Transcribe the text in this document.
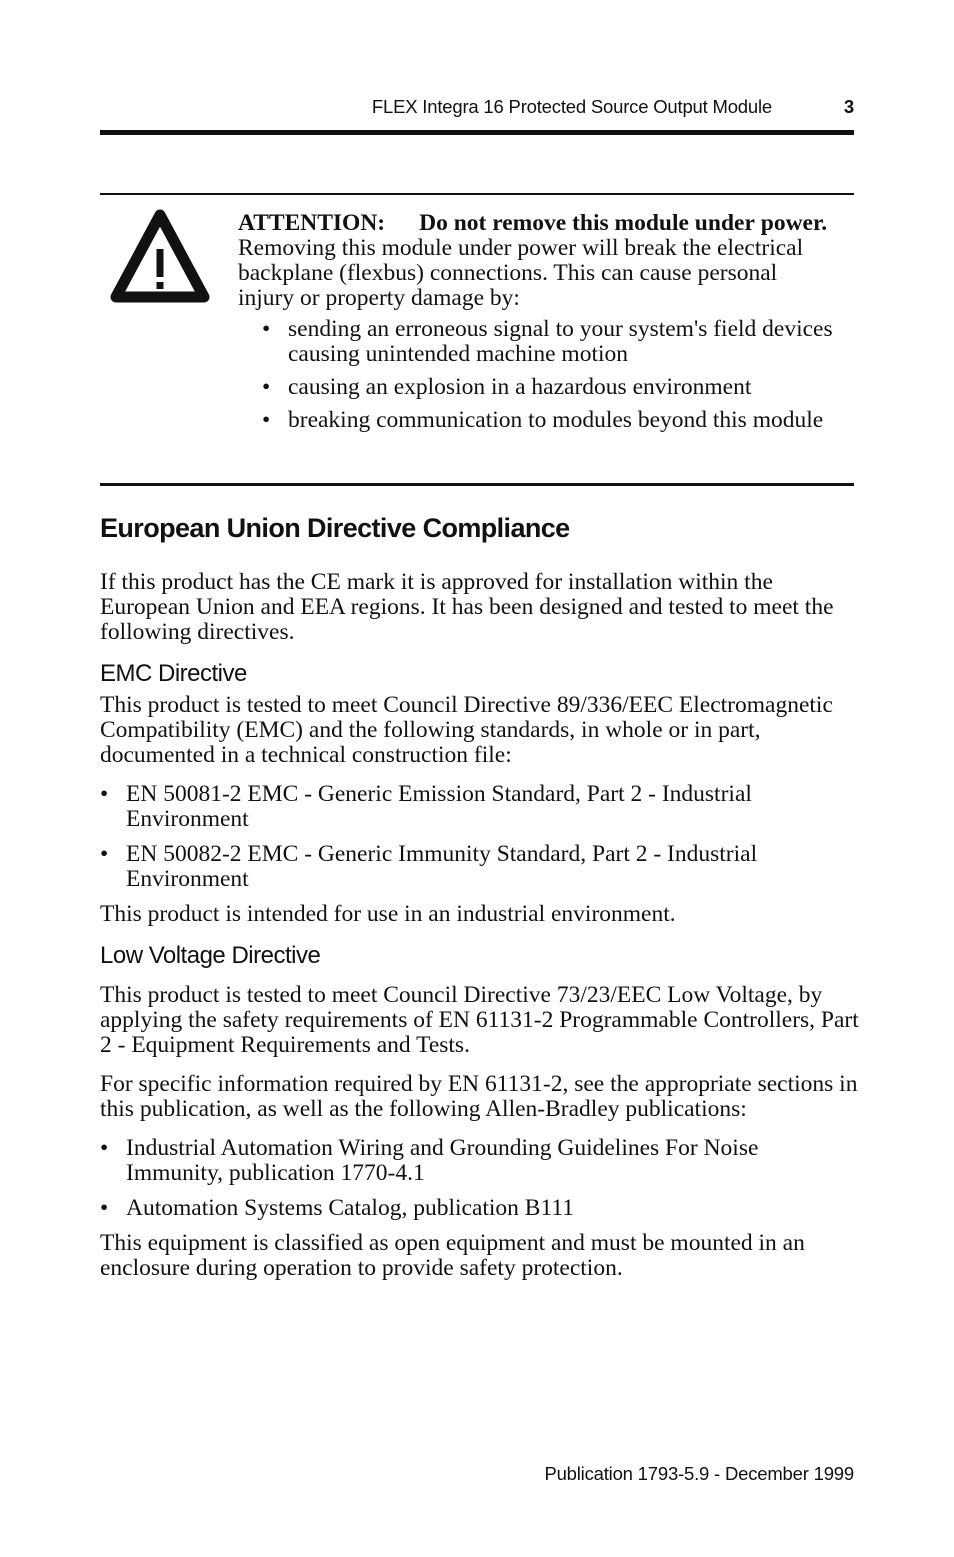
FLEX Integra 16 Protected Source Output Module	3

ATTENTION: Do not remove this module under power. Removing this module under power will break the electrical backplane (flexbus) connections. This can cause personal injury or property damage by:

• sending an erroneous signal to your system's field devices causing unintended machine motion
• causing an explosion in a hazardous environment
• breaking communication to modules beyond this module
European Union Directive Compliance

If this product has the CE mark it is approved for installation within the European Union and EEA regions. It has been designed and tested to meet the following directives.

EMC Directive

This product is tested to meet Council Directive 89/336/EEC Electromagnetic Compatibility (EMC) and the following standards, in whole or in part, documented in a technical construction file:

• EN 50081-2 EMC - Generic Emission Standard, Part 2 - Industrial Environment
• EN 50082-2 EMC - Generic Immunity Standard, Part 2 - Industrial Environment

This product is intended for use in an industrial environment.

Low Voltage Directive

This product is tested to meet Council Directive 73/23/EEC Low Voltage, by applying the safety requirements of EN 61131-2 Programmable Controllers, Part 2 - Equipment Requirements and Tests.

For specific information required by EN 61131-2, see the appropriate sections in this publication, as well as the following Allen-Bradley publications:

• Industrial Automation Wiring and Grounding Guidelines For Noise Immunity, publication 1770-4.1
• Automation Systems Catalog, publication B111

This equipment is classified as open equipment and must be mounted in an enclosure during operation to provide safety protection.

Publication 1793-5.9 - December 1999
